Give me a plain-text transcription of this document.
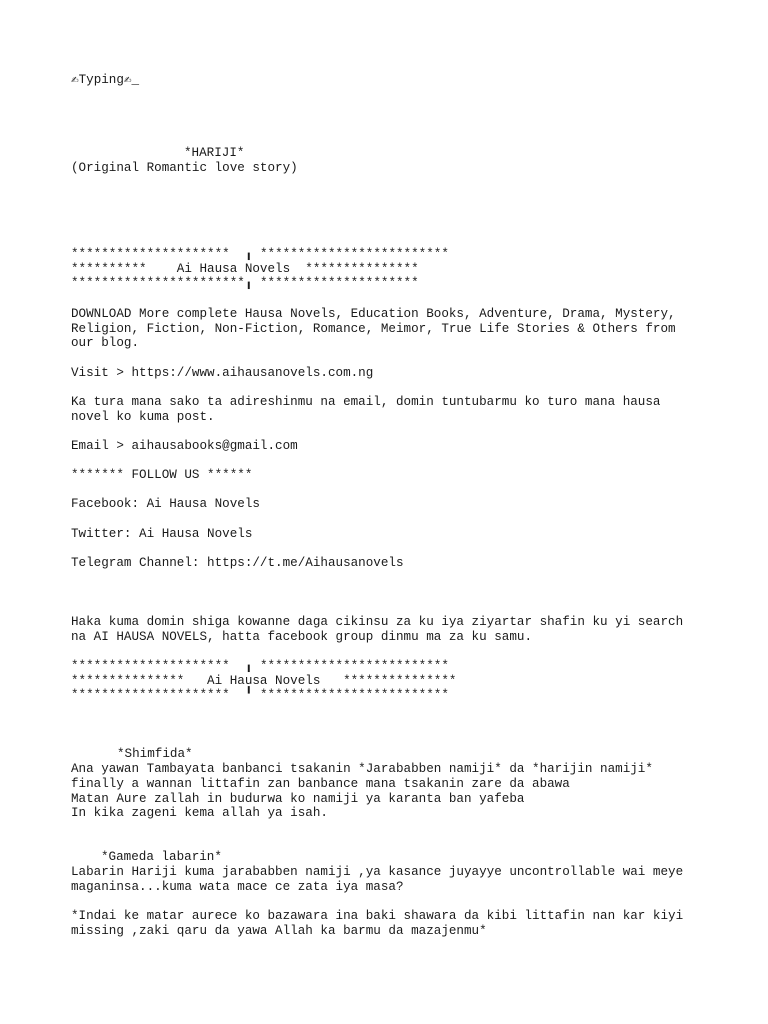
✍Typing✍_
*HARIJI*
(Original Romantic love story)
*********************  ╻ *************************
**********    Ai Hausa Novels  ***************
***********************╻ *********************
DOWNLOAD More complete Hausa Novels, Education Books, Adventure, Drama, Mystery,
Religion, Fiction, Non-Fiction, Romance, Meimor, True Life Stories & Others from
our blog.
Visit > https://www.aihausanovels.com.ng
Ka tura mana sako ta adireshinmu na email, domin tuntubarmu ko turo mana hausa
novel ko kuma post.
Email > aihausabooks@gmail.com
******* FOLLOW US ******
Facebook: Ai Hausa Novels
Twitter: Ai Hausa Novels
Telegram Channel: https://t.me/Aihausanovels
Haka kuma domin shiga kowanne daga cikinsu za ku iya ziyartar shafin ku yi search
na AI HAUSA NOVELS, hatta facebook group dinmu ma za ku samu.
*********************  ╻ *************************
***************   Ai Hausa Novels   ***************
*********************  ╹ *************************
*Shimfida*
Ana yawan Tambayata banbanci tsakanin *Jarababben namiji* da *harijin namiji*
finally a wannan littafin zan banbance mana tsakanin zare da abawa
Matan Aure zallah in budurwa ko namiji ya karanta ban yafeba
In kika zageni kema allah ya isah.
*Gameda labarin*
Labarin Hariji kuma jarababben namiji ,ya kasance juyayye uncontrollable wai meye
maganinsa...kuma wata mace ce zata iya masa?
*Indai ke matar aurece ko bazawara ina baki shawara da kibi littafin nan kar kiyi
missing ,zaki qaru da yawa Allah ka barmu da mazajenmu*
